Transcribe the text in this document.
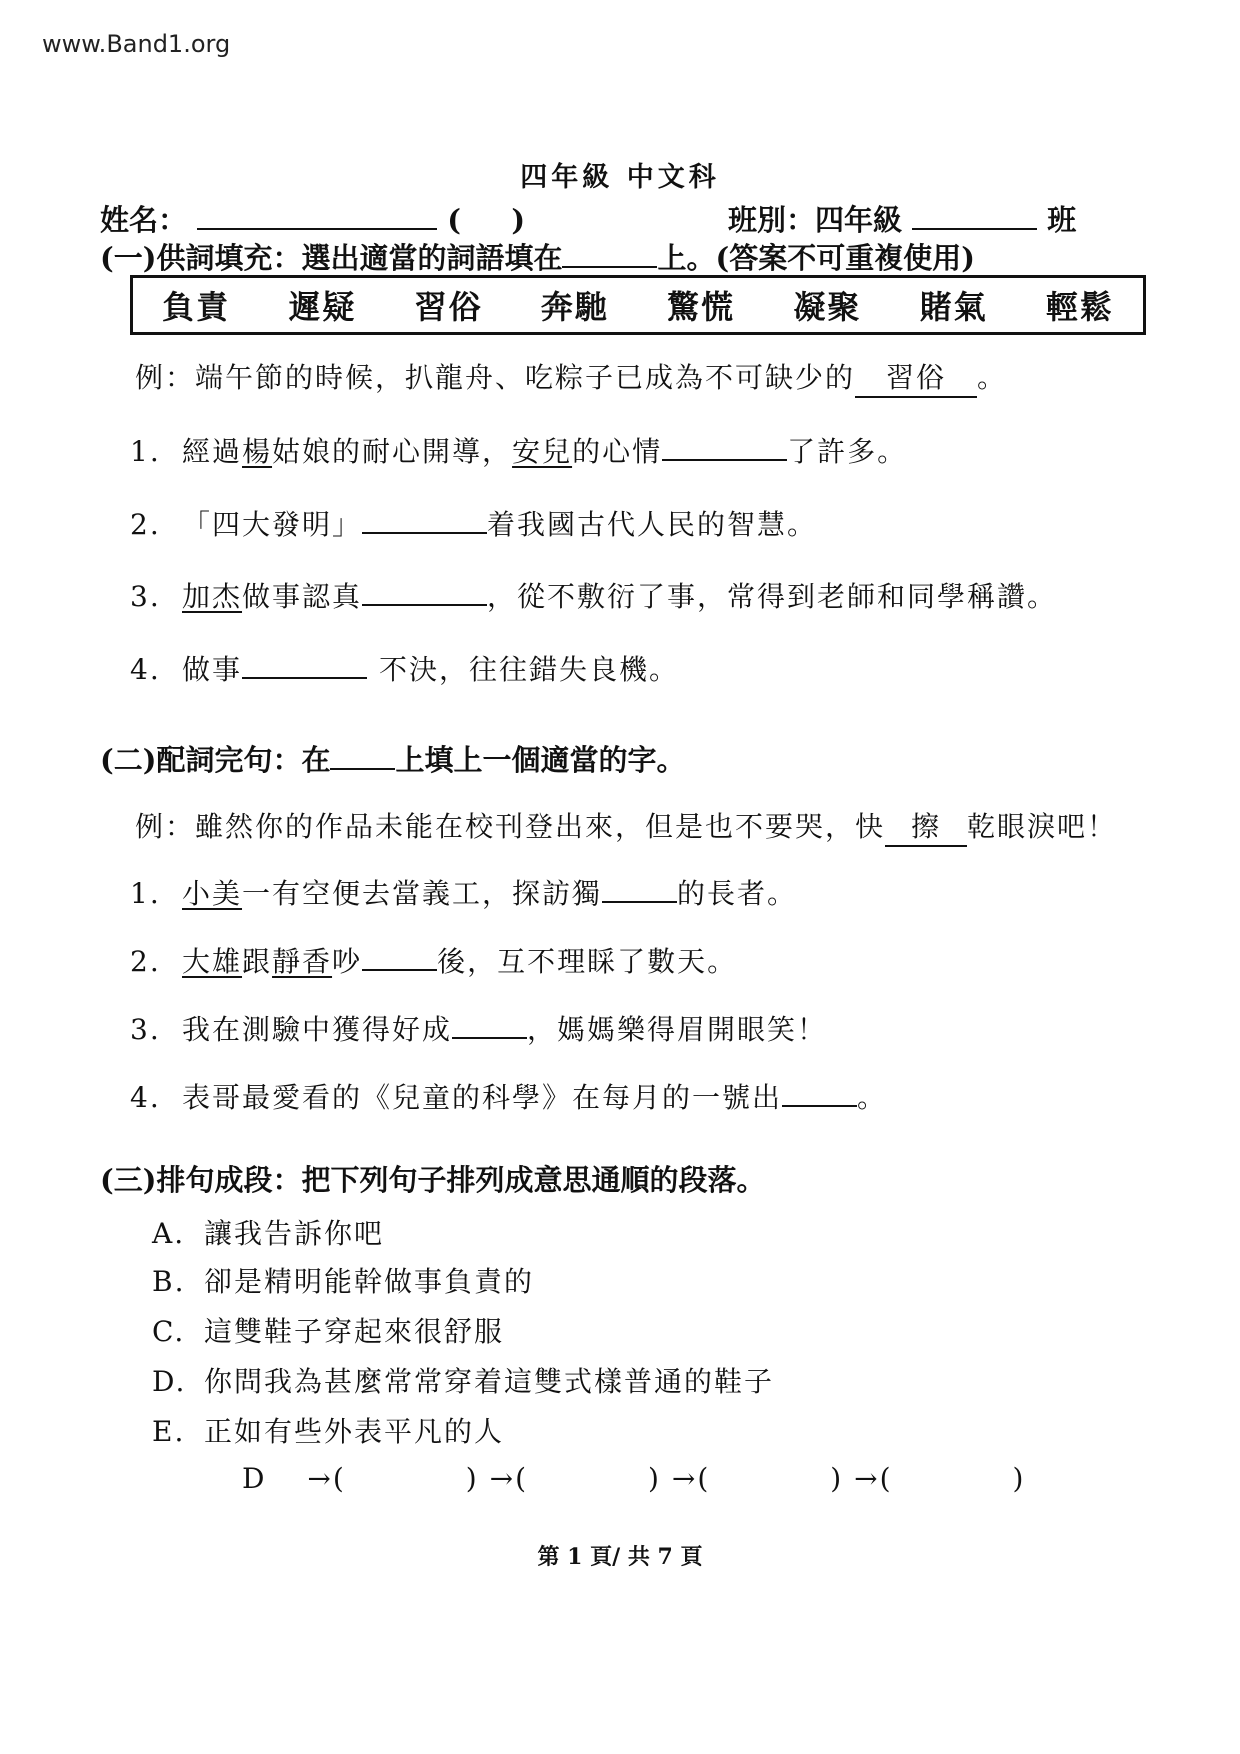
www.Band1.org
四年級 中文科
姓名：	(     )	班別：四年級	班
(一)供詞填充：選出適當的詞語填在	上。(答案不可重複使用)
負責 遲疑 習俗 奔馳 驚慌 凝聚 賭氣 輕鬆
例：端午節的時候，扒龍舟、吃粽子已成為不可缺少的 習俗 。
1. 經過楊姑娘的耐心開導，安兒的心情	了許多。
2. 「四大發明」	着我國古代人民的智慧。
3. 加杰做事認真	，從不敷衍了事，常得到老師和同學稱讚。
4. 做事	不決，往往錯失良機。
(二)配詞完句：在 上填上一個適當的字。
例：雖然你的作品未能在校刊登出來，但是也不要哭，快 擦 乾眼淚吧！
1. 小美一有空便去當義工，探訪獨	的長者。
2. 大雄跟靜香吵	後，互不理睬了數天。
3. 我在測驗中獲得好成	，媽媽樂得眉開眼笑！
4. 表哥最愛看的《兒童的科學》在每月的一號出	。
(三)排句成段：把下列句子排列成意思通順的段落。
A. 讓我告訴你吧
B. 卻是精明能幹做事負責的
C. 這雙鞋子穿起來很舒服
D. 你問我為甚麼常常穿着這雙式樣普通的鞋子
E. 正如有些外表平凡的人
D →(	) →(	) →(	) →(	)
第 1 頁/ 共 7 頁
